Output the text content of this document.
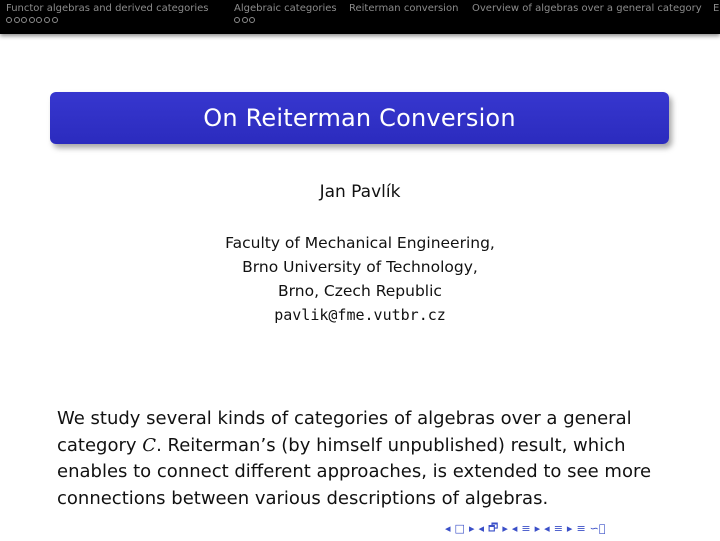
Functor algebras and derived categories	Algebraic categories Reiterman conversion Overview of algebras over a general category E
On Reiterman Conversion
Jan Pavlík
Faculty of Mechanical Engineering,
Brno University of Technology,
Brno, Czech Republic
pavlik@fme.vutbr.cz
We study several kinds of categories of algebras over a general
category C. Reiterman’s (by himself unpublished) result, which
enables to connect different approaches, is extended to see more
connections between various descriptions of algebras.
◂ □ ▸ ◂ 🗗 ▸ ◂ ≡ ▸ ◂ ≡ ▸ ≡ ∽⃝
